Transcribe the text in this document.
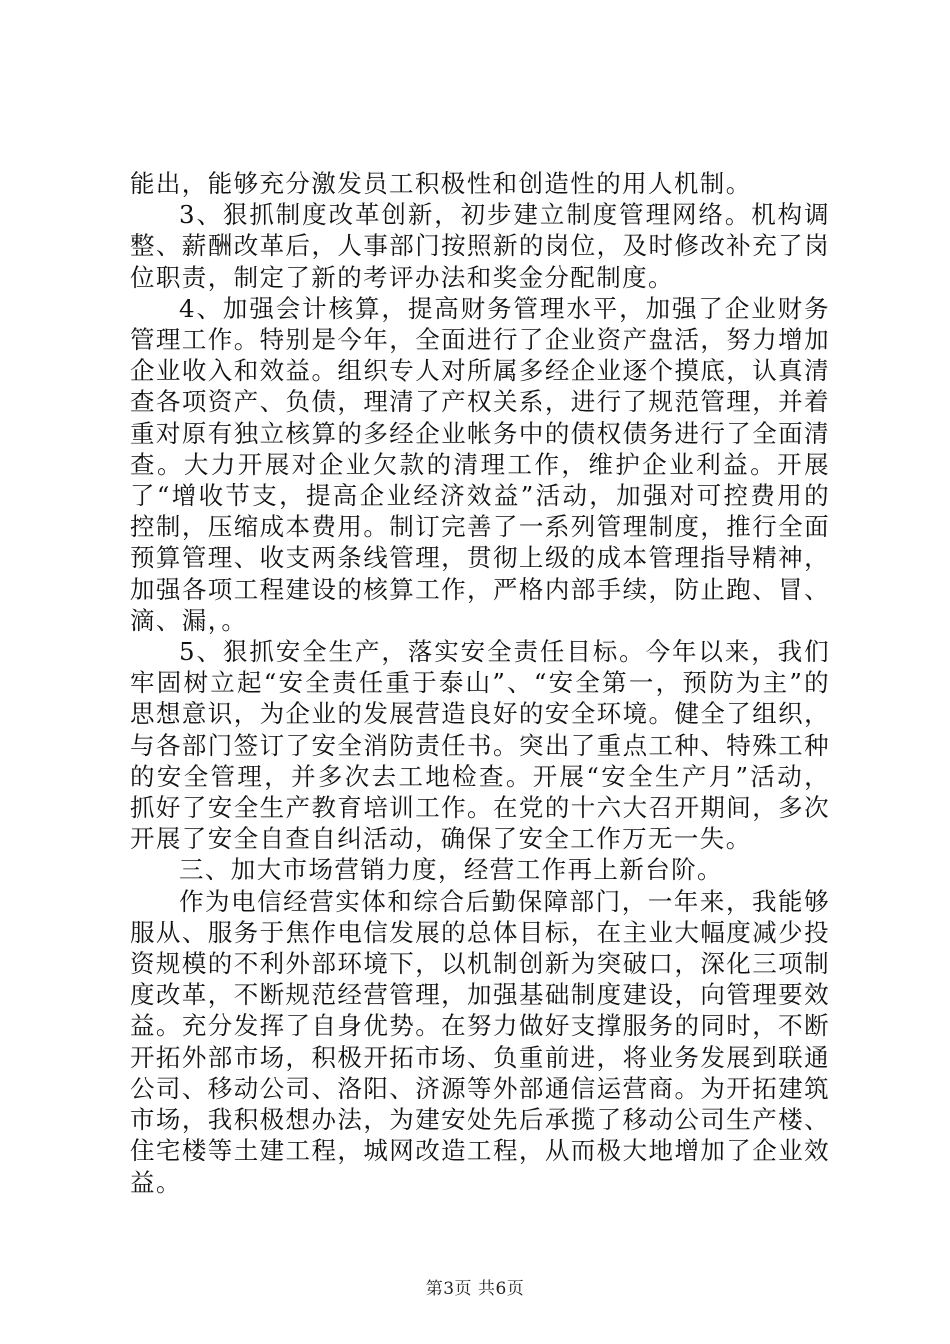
能出，能够充分激发员工积极性和创造性的用人机制。

3、狠抓制度改革创新，初步建立制度管理网络。机构调整、薪酬改革后，人事部门按照新的岗位，及时修改补充了岗位职责，制定了新的考评办法和奖金分配制度。

4、加强会计核算，提高财务管理水平，加强了企业财务管理工作。特别是今年，全面进行了企业资产盘活，努力增加企业收入和效益。组织专人对所属多经企业逐个摸底，认真清查各项资产、负债，理清了产权关系，进行了规范管理，并着重对原有独立核算的多经企业帐务中的债权债务进行了全面清查。大力开展对企业欠款的清理工作，维护企业利益。开展了“增收节支，提高企业经济效益”活动，加强对可控费用的控制，压缩成本费用。制订完善了一系列管理制度，推行全面预算管理、收支两条线管理，贯彻上级的成本管理指导精神，加强各项工程建设的核算工作，严格内部手续，防止跑、冒、滴、漏，。

5、狠抓安全生产，落实安全责任目标。今年以来，我们牢固树立起“安全责任重于泰山”、“安全第一，预防为主”的思想意识，为企业的发展营造良好的安全环境。健全了组织，与各部门签订了安全消防责任书。突出了重点工种、特殊工种的安全管理，并多次去工地检查。开展“安全生产月”活动，抓好了安全生产教育培训工作。在党的十六大召开期间，多次开展了安全自查自纠活动，确保了安全工作万无一失。

三、加大市场营销力度，经营工作再上新台阶。

作为电信经营实体和综合后勤保障部门，一年来，我能够服从、服务于焦作电信发展的总体目标，在主业大幅度减少投资规模的不利外部环境下，以机制创新为突破口，深化三项制度改革，不断规范经营管理，加强基础制度建设，向管理要效益。充分发挥了自身优势。在努力做好支撑服务的同时，不断开拓外部市场，积极开拓市场、负重前进，将业务发展到联通公司、移动公司、洛阳、济源等外部通信运营商。为开拓建筑市场，我积极想办法，为建安处先后承揽了移动公司生产楼、住宅楼等土建工程，城网改造工程，从而极大地增加了企业效益。

第3页 共6页
